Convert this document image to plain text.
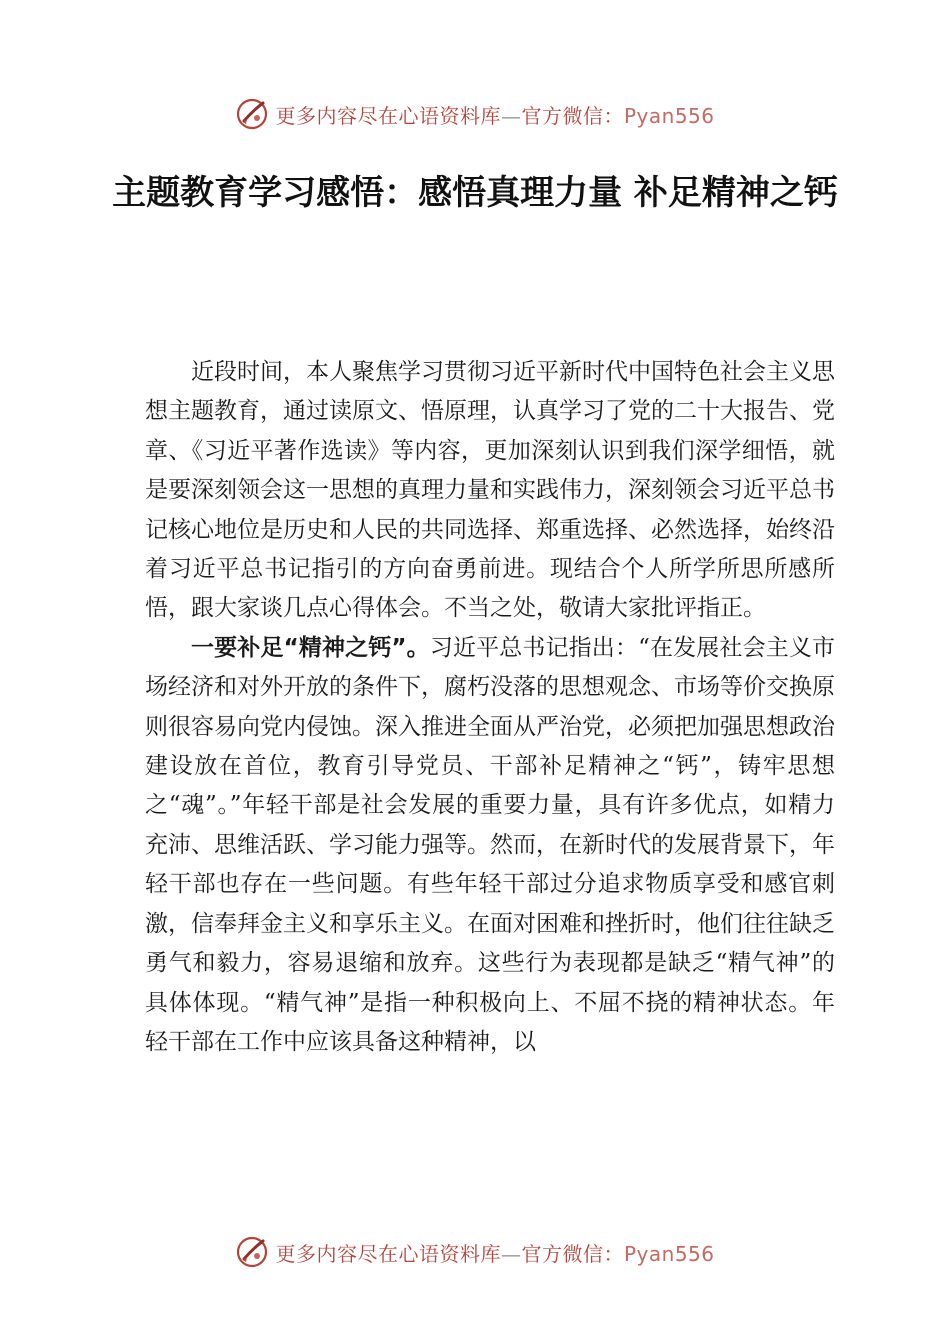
更多内容尽在心语资料库—官方微信：Pyan556
主题教育学习感悟：感悟真理力量 补足精神之钙

近段时间，本人聚焦学习贯彻习近平新时代中国特色社会主义思想主题教育，通过读原文、悟原理，认真学习了党的二十大报告、党章、《习近平著作选读》等内容，更加深刻认识到我们深学细悟，就是要深刻领会这一思想的真理力量和实践伟力，深刻领会习近平总书记核心地位是历史和人民的共同选择、郑重选择、必然选择，始终沿着习近平总书记指引的方向奋勇前进。现结合个人所学所思所感所悟，跟大家谈几点心得体会。不当之处，敬请大家批评指正。

一要补足“精神之钙”。习近平总书记指出：“在发展社会主义市场经济和对外开放的条件下，腐朽没落的思想观念、市场等价交换原则很容易向党内侵蚀。深入推进全面从严治党，必须把加强思想政治建设放在首位，教育引导党员、干部补足精神之“钙”，铸牢思想之“魂”。”年轻干部是社会发展的重要力量，具有许多优点，如精力充沛、思维活跃、学习能力强等。然而，在新时代的发展背景下，年轻干部也存在一些问题。有些年轻干部过分追求物质享受和感官刺激，信奉拜金主义和享乐主义。在面对困难和挫折时，他们往往缺乏勇气和毅力，容易退缩和放弃。这些行为表现都是缺乏“精气神”的具体体现。“精气神”是指一种积极向上、不屈不挠的精神状态。年轻干部在工作中应该具备这种精神，以

更多内容尽在心语资料库—官方微信：Pyan556
